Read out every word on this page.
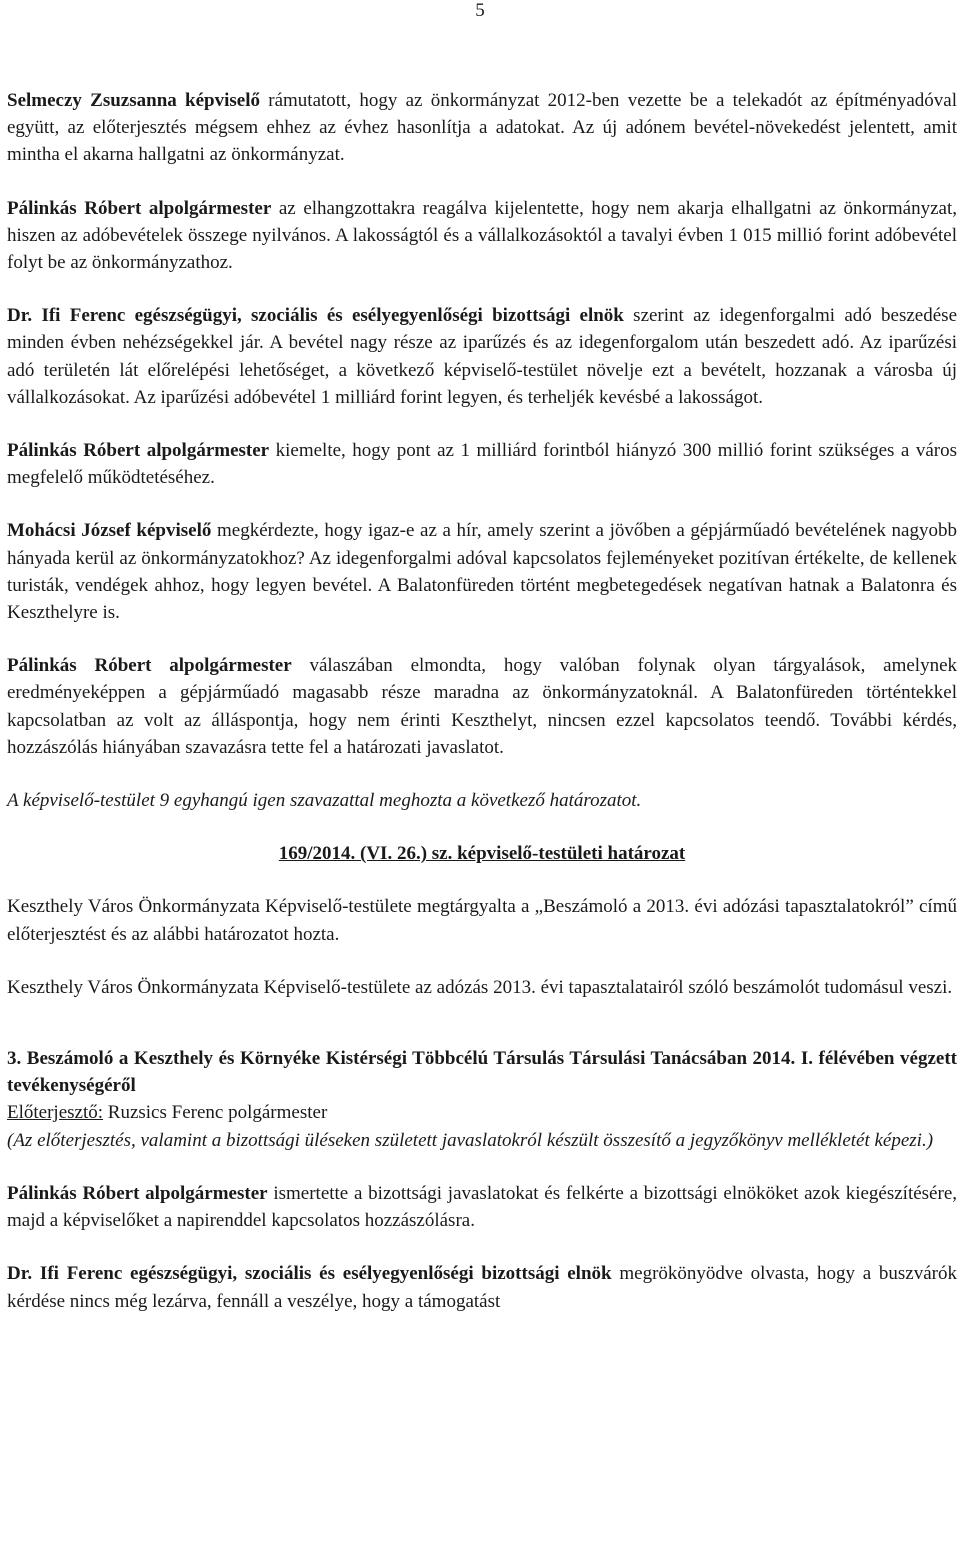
5

Selmeczy Zsuzsanna képviselő rámutatott, hogy az önkormányzat 2012-ben vezette be a telekadót az építményadóval együtt, az előterjesztés mégsem ehhez az évhez hasonlítja a adatokat. Az új adónem bevétel-növekedést jelentett, amit mintha el akarna hallgatni az önkormányzat.

Pálinkás Róbert alpolgármester az elhangzottakra reagálva kijelentette, hogy nem akarja elhallgatni az önkormányzat, hiszen az adóbevételek összege nyilvános. A lakosságtól és a vállalkozásoktól a tavalyi évben 1 015 millió forint adóbevétel folyt be az önkormányzathoz.

Dr. Ifi Ferenc egészségügyi, szociális és esélyegyenlőségi bizottsági elnök szerint az idegenforgalmi adó beszedése minden évben nehézségekkel jár. A bevétel nagy része az iparűzés és az idegenforgalom után beszedett adó. Az iparűzési adó területén lát előrelépési lehetőséget, a következő képviselő-testület növelje ezt a bevételt, hozzanak a városba új vállalkozásokat. Az iparűzési adóbevétel 1 milliárd forint legyen, és terheljék kevésbé a lakosságot.

Pálinkás Róbert alpolgármester kiemelte, hogy pont az 1 milliárd forintból hiányzó 300 millió forint szükséges a város megfelelő működtetéséhez.

Mohácsi József képviselő megkérdezte, hogy igaz-e az a hír, amely szerint a jövőben a gépjárműadó bevételének nagyobb hányada kerül az önkormányzatokhoz? Az idegenforgalmi adóval kapcsolatos fejleményeket pozitívan értékelte, de kellenek turisták, vendégek ahhoz, hogy legyen bevétel. A Balatonfüreden történt megbetegedések negatívan hatnak a Balatonra és Keszthelyre is.

Pálinkás Róbert alpolgármester válaszában elmondta, hogy valóban folynak olyan tárgyalások, amelynek eredményeképpen a gépjárműadó magasabb része maradna az önkormányzatoknál. A Balatonfüreden történtekkel kapcsolatban az volt az álláspontja, hogy nem érinti Keszthelyt, nincsen ezzel kapcsolatos teendő. További kérdés, hozzászólás hiányában szavazásra tette fel a határozati javaslatot.

A képviselő-testület 9 egyhangú igen szavazattal meghozta a következő határozatot.

169/2014. (VI. 26.) sz. képviselő-testületi határozat

Keszthely Város Önkormányzata Képviselő-testülete megtárgyalta a „Beszámoló a 2013. évi adózási tapasztalatokról” című előterjesztést és az alábbi határozatot hozta.

Keszthely Város Önkormányzata Képviselő-testülete az adózás 2013. évi tapasztalatairól szóló beszámolót tudomásul veszi.

3. Beszámoló a Keszthely és Környéke Kistérségi Többcélú Társulás Társulási Tanácsában 2014. I. félévében végzett tevékenységéről

Előterjesztő: Ruzsics Ferenc polgármester

(Az előterjesztés, valamint a bizottsági üléseken született javaslatokról készült összesítő a jegyzőkönyv mellékletét képezi.)

Pálinkás Róbert alpolgármester ismertette a bizottsági javaslatokat és felkérte a bizottsági elnököket azok kiegészítésére, majd a képviselőket a napirenddel kapcsolatos hozzászólásra.

Dr. Ifi Ferenc egészségügyi, szociális és esélyegyenlőségi bizottsági elnök megrökönyödve olvasta, hogy a buszvárók kérdése nincs még lezárva, fennáll a veszélye, hogy a támogatást
